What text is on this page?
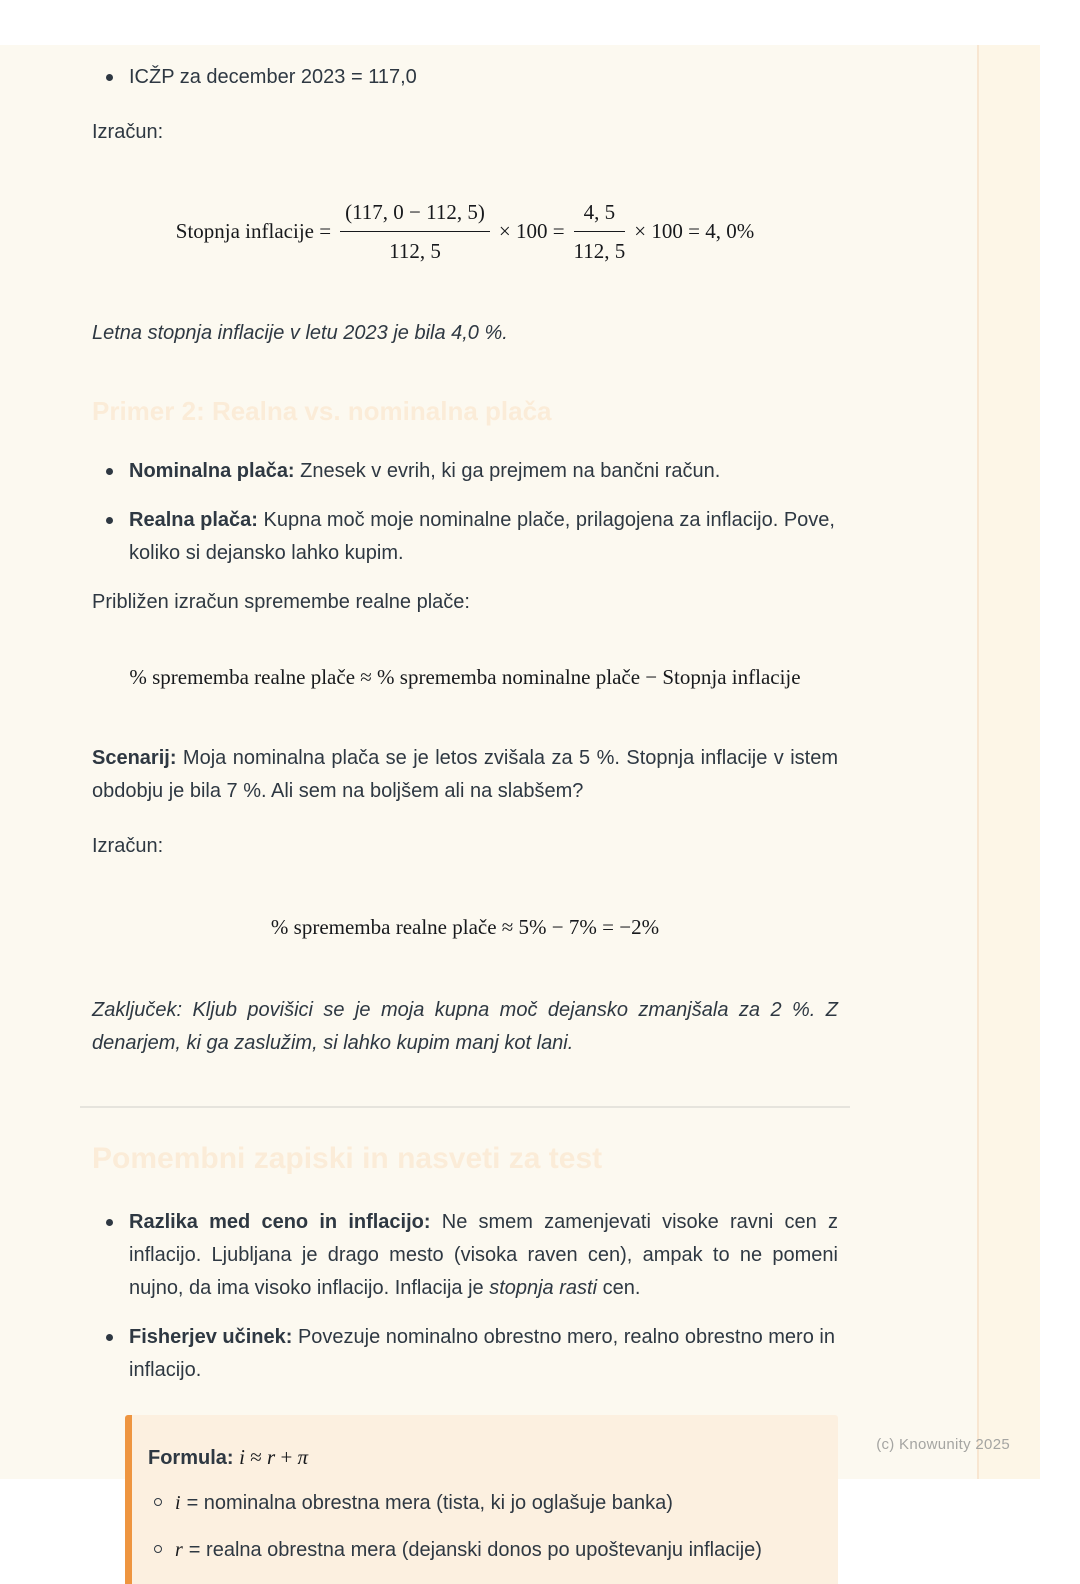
ICŽP za december 2023 = 117,0

Izračun:

Stopnja inflacije = $\frac{(117, 0 - 112, 5)}{112, 5} \times 100 = \frac{4, 5}{112, 5} \times 100 = 4$, 0%

Letna stopnja inflacije v letu 2023 je bila 4,0 %.

Primer 2: Realna vs. nominalna plača

Nominalna plača: Znesek v evrih, ki ga prejmem na bančni račun.

Realna plača: Kupna moč moje nominalne plače, prilagojena za inflacijo. Pove, koliko si dejansko lahko kupim.

Približen izračun spremembe realne plače:

% sprememba realne plače ≈ % sprememba nominalne plače − Stopnja inflacije

Scenarij: Moja nominalna plača se je letos zvišala za 5 %. Stopnja inflacije v istem obdobju je bila 7 %. Ali sem na boljšem ali na slabšem?

Izračun:

% sprememba realne plače ≈ 5% − 7% = −2%

Zaključek: Kljub povišici se je moja kupna moč dejansko zmanjšala za 2 %. Z denarjem, ki ga zaslužim, si lahko kupim manj kot lani.

Pomembni zapiski in nasveti za test

Razlika med ceno in inflacijo: Ne smem zamenjevati visoke ravni cen z inflacijo. Ljubljana je drago mesto (visoka raven cen), ampak to ne pomeni nujno, da ima visoko inflacijo. Inflacija je stopnja rasti cen.

Fisherjev učinek: Povezuje nominalno obrestno mero, realno obrestno mero in inflacijo.

Formula: i ≈ r + π

i = nominalna obrestna mera (tista, ki jo oglašuje banka)

r = realna obrestna mera (dejanski donos po upoštevanju inflacije)

(c) Knowunity 2025
